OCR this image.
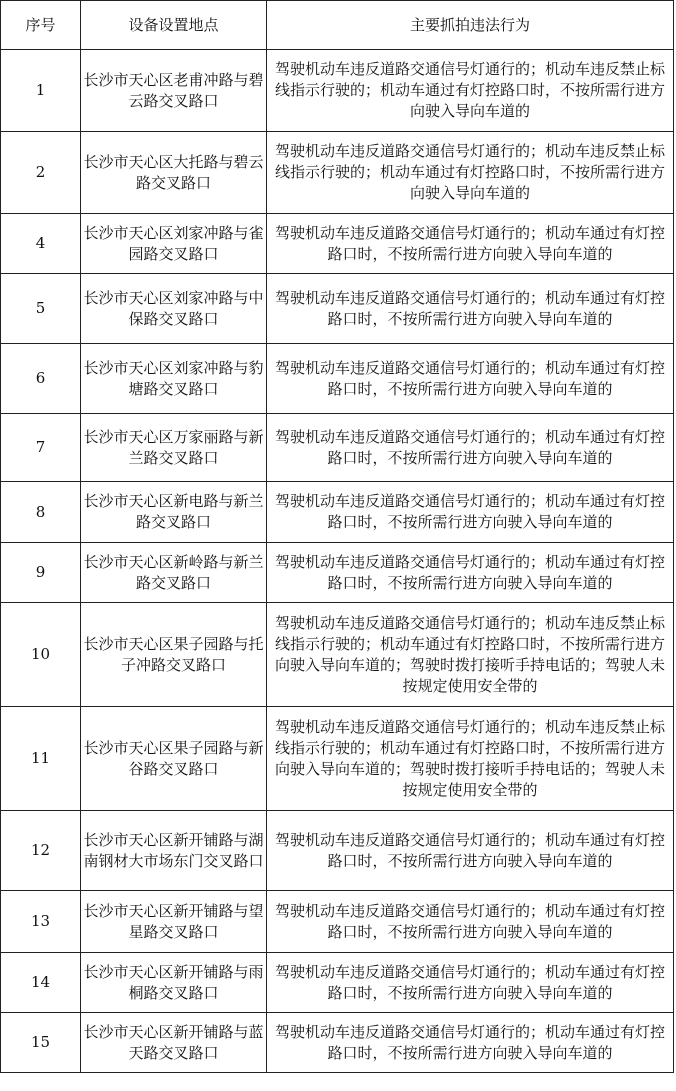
序号	设备设置地点	主要抓拍违法行为
1	长沙市天心区老甫冲路与碧云路交叉路口	驾驶机动车违反道路交通信号灯通行的；机动车违反禁止标线指示行驶的；机动车通过有灯控路口时，不按所需行进方向驶入导向车道的
2	长沙市天心区大托路与碧云路交叉路口	驾驶机动车违反道路交通信号灯通行的；机动车违反禁止标线指示行驶的；机动车通过有灯控路口时，不按所需行进方向驶入导向车道的
4	长沙市天心区刘家冲路与雀园路交叉路口	驾驶机动车违反道路交通信号灯通行的；机动车通过有灯控路口时，不按所需行进方向驶入导向车道的
5	长沙市天心区刘家冲路与中保路交叉路口	驾驶机动车违反道路交通信号灯通行的；机动车通过有灯控路口时，不按所需行进方向驶入导向车道的
6	长沙市天心区刘家冲路与豹塘路交叉路口	驾驶机动车违反道路交通信号灯通行的；机动车通过有灯控路口时，不按所需行进方向驶入导向车道的
7	长沙市天心区万家丽路与新兰路交叉路口	驾驶机动车违反道路交通信号灯通行的；机动车通过有灯控路口时，不按所需行进方向驶入导向车道的
8	长沙市天心区新电路与新兰路交叉路口	驾驶机动车违反道路交通信号灯通行的；机动车通过有灯控路口时，不按所需行进方向驶入导向车道的
9	长沙市天心区新岭路与新兰路交叉路口	驾驶机动车违反道路交通信号灯通行的；机动车通过有灯控路口时，不按所需行进方向驶入导向车道的
10	长沙市天心区果子园路与托子冲路交叉路口	驾驶机动车违反道路交通信号灯通行的；机动车违反禁止标线指示行驶的；机动车通过有灯控路口时，不按所需行进方向驶入导向车道的；驾驶时拨打接听手持电话的；驾驶人未按规定使用安全带的
11	长沙市天心区果子园路与新谷路交叉路口	驾驶机动车违反道路交通信号灯通行的；机动车违反禁止标线指示行驶的；机动车通过有灯控路口时，不按所需行进方向驶入导向车道的；驾驶时拨打接听手持电话的；驾驶人未按规定使用安全带的
12	长沙市天心区新开铺路与湖南钢材大市场东门交叉路口	驾驶机动车违反道路交通信号灯通行的；机动车通过有灯控路口时，不按所需行进方向驶入导向车道的
13	长沙市天心区新开铺路与望星路交叉路口	驾驶机动车违反道路交通信号灯通行的；机动车通过有灯控路口时，不按所需行进方向驶入导向车道的
14	长沙市天心区新开铺路与雨桐路交叉路口	驾驶机动车违反道路交通信号灯通行的；机动车通过有灯控路口时，不按所需行进方向驶入导向车道的
15	长沙市天心区新开铺路与蓝天路交叉路口	驾驶机动车违反道路交通信号灯通行的；机动车通过有灯控路口时，不按所需行进方向驶入导向车道的
